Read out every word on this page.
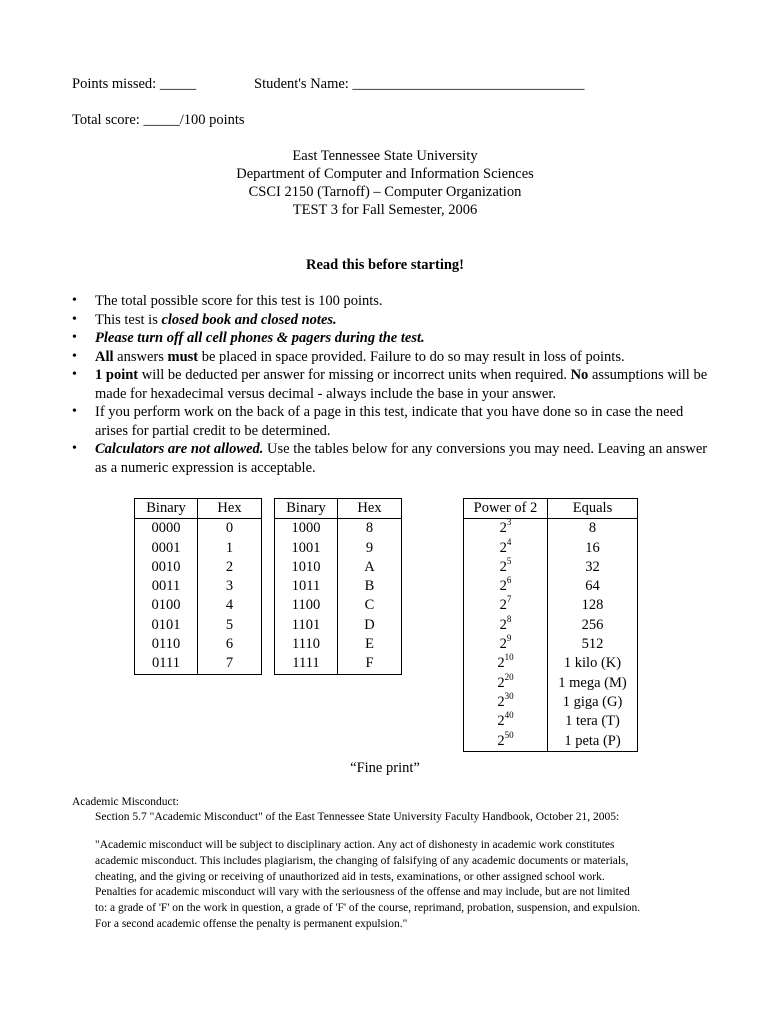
Points missed: _____	Student's Name: ________________________________
Total score: _____/100 points
East Tennessee State University
Department of Computer and Information Sciences
CSCI 2150 (Tarnoff) – Computer Organization
TEST 3 for Fall Semester, 2006
Read this before starting!
• The total possible score for this test is 100 points.
• This test is closed book and closed notes.
• Please turn off all cell phones & pagers during the test.
• All answers must be placed in space provided. Failure to do so may result in loss of points.
• 1 point will be deducted per answer for missing or incorrect units when required. No assumptions will be made for hexadecimal versus decimal - always include the base in your answer.
• If you perform work on the back of a page in this test, indicate that you have done so in case the need arises for partial credit to be determined.
• Calculators are not allowed. Use the tables below for any conversions you may need. Leaving an answer as a numeric expression is acceptable.
Binary	Hex
0000	0
0001	1
0010	2
0011	3
0100	4
0101	5
0110	6
0111	7
Binary	Hex
1000	8
1001	9
1010	A
1011	B
1100	C
1101	D
1110	E
1111	F
Power of 2	Equals
$2^3$	8
$2^4$	16
$2^5$	32
$2^6$	64
$2^7$	128
$2^8$	256
$2^9$	512
$2^{10}$	1 kilo (K)
$2^{20}$	1 mega (M)
$2^{30}$	1 giga (G)
$2^{40}$	1 tera (T)
$2^{50}$	1 peta (P)
“Fine print”
Academic Misconduct:
Section 5.7 "Academic Misconduct" of the East Tennessee State University Faculty Handbook, October 21, 2005:
"Academic misconduct will be subject to disciplinary action. Any act of dishonesty in academic work constitutes
academic misconduct. This includes plagiarism, the changing of falsifying of any academic documents or materials,
cheating, and the giving or receiving of unauthorized aid in tests, examinations, or other assigned school work.
Penalties for academic misconduct will vary with the seriousness of the offense and may include, but are not limited
to: a grade of 'F' on the work in question, a grade of 'F' of the course, reprimand, probation, suspension, and expulsion.
For a second academic offense the penalty is permanent expulsion."
